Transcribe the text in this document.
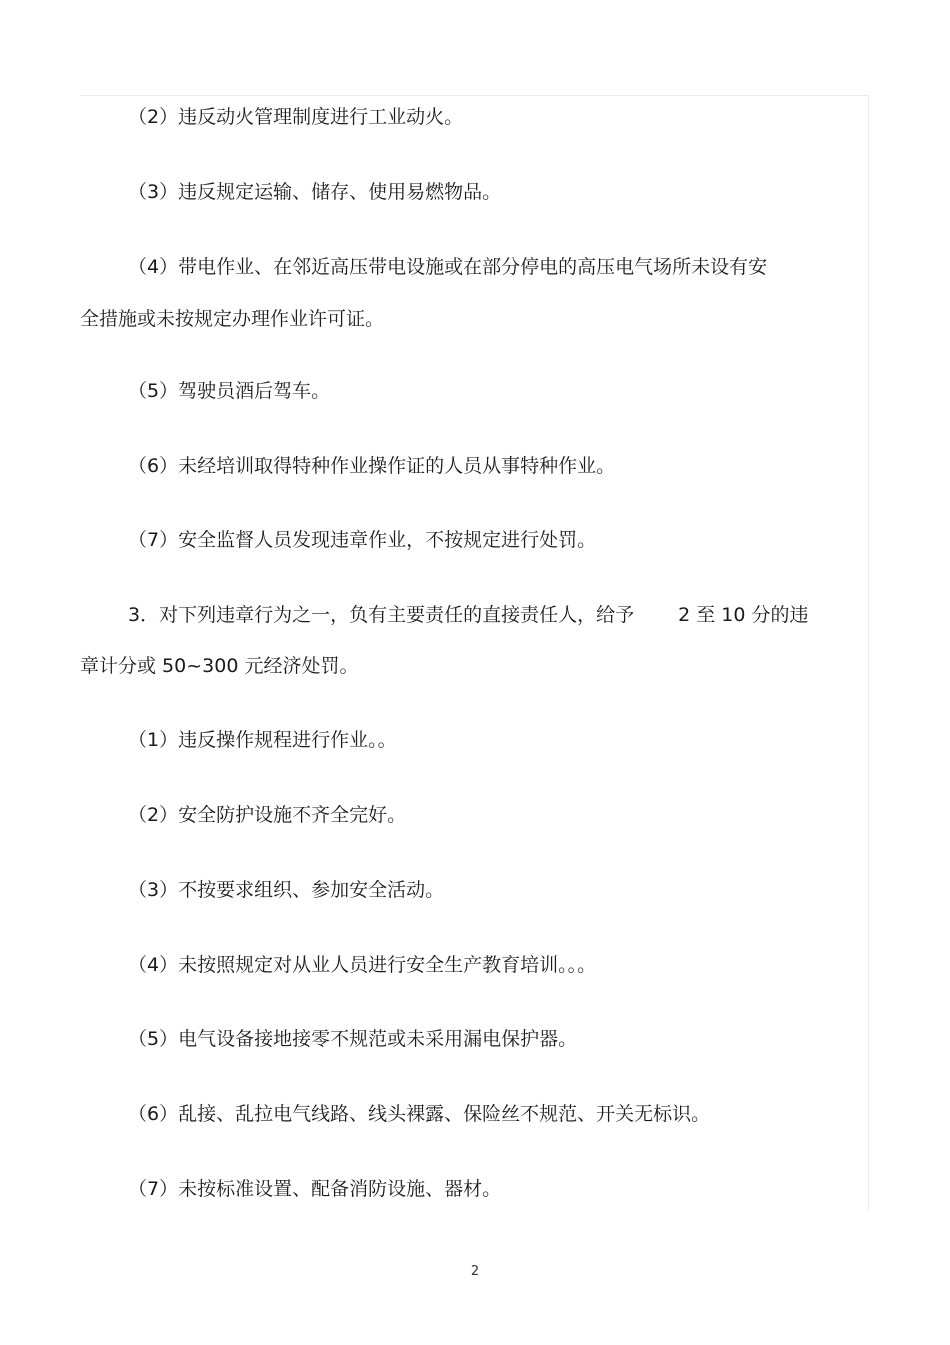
（2）违反动火管理制度进行工业动火。
（3）违反规定运输、储存、使用易燃物品。
（4）带电作业、在邻近高压带电设施或在部分停电的高压电气场所未设有安
全措施或未按规定办理作业许可证。
（5）驾驶员酒后驾车。
（6）未经培训取得特种作业操作证的人员从事特种作业。
（7）安全监督人员发现违章作业，不按规定进行处罚。
3．对下列违章行为之一，负有主要责任的直接责任人，给予 2 至 10 分的违
章计分或 50~300 元经济处罚。
（1）违反操作规程进行作业。。
（2）安全防护设施不齐全完好。
（3）不按要求组织、参加安全活动。
（4）未按照规定对从业人员进行安全生产教育培训。。。
（5）电气设备接地接零不规范或未采用漏电保护器。
（6）乱接、乱拉电气线路、线头裸露、保险丝不规范、开关无标识。
（7）未按标准设置、配备消防设施、器材。
2
